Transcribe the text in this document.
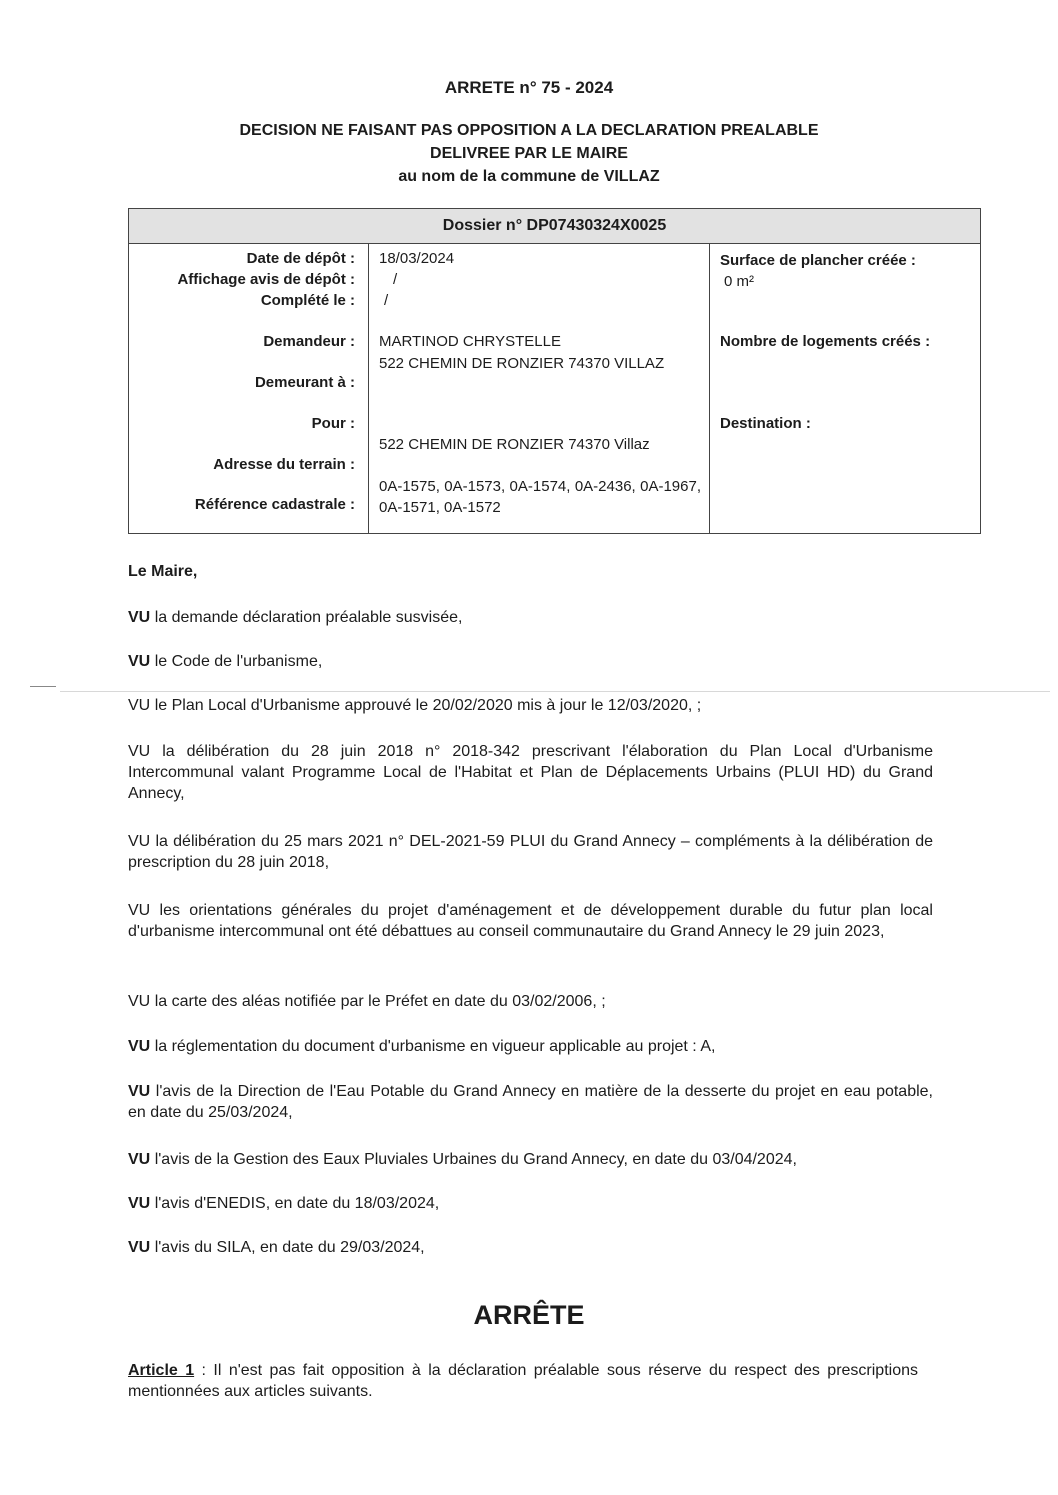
ARRETE n° 75 - 2024
DECISION NE FAISANT PAS OPPOSITION A LA DECLARATION PREALABLE
DELIVREE PAR LE MAIRE
au nom de la commune de VILLAZ
Dossier n° DP07430324X0025
Date de dépôt :
Affichage avis de dépôt :
Complété le :
Demandeur :
Demeurant à :
Pour :
Adresse du terrain :
Référence cadastrale :
18/03/2024
/
/
MARTINOD CHRYSTELLE
522 CHEMIN DE RONZIER 74370 VILLAZ
522 CHEMIN DE RONZIER 74370 Villaz
0A-1575, 0A-1573, 0A-1574, 0A-2436, 0A-1967, 0A-1571, 0A-1572
Surface de plancher créée :
0 m²
Nombre de logements créés :
Destination :
Le Maire,
VU la demande déclaration préalable susvisée,
VU le Code de l'urbanisme,
VU le Plan Local d'Urbanisme approuvé le 20/02/2020 mis à jour le 12/03/2020, ;
VU la délibération du 28 juin 2018 n° 2018-342 prescrivant l'élaboration du Plan Local d'Urbanisme Intercommunal valant Programme Local de l'Habitat et Plan de Déplacements Urbains (PLUI HD) du Grand Annecy,
VU la délibération du 25 mars 2021 n° DEL-2021-59 PLUI du Grand Annecy – compléments à la délibération de prescription du 28 juin 2018,
VU les orientations générales du projet d'aménagement et de développement durable du futur plan local d'urbanisme intercommunal ont été débattues au conseil communautaire du Grand Annecy le 29 juin 2023,
VU la carte des aléas notifiée par le Préfet en date du 03/02/2006, ;
VU la réglementation du document d'urbanisme en vigueur applicable au projet : A,
VU l'avis de la Direction de l'Eau Potable du Grand Annecy en matière de la desserte du projet en eau potable, en date du 25/03/2024,
VU l'avis de la Gestion des Eaux Pluviales Urbaines du Grand Annecy, en date du 03/04/2024,
VU l'avis d'ENEDIS, en date du 18/03/2024,
VU l'avis du SILA, en date du 29/03/2024,
ARRÊTE
Article 1 : Il n'est pas fait opposition à la déclaration préalable sous réserve du respect des prescriptions mentionnées aux articles suivants.
